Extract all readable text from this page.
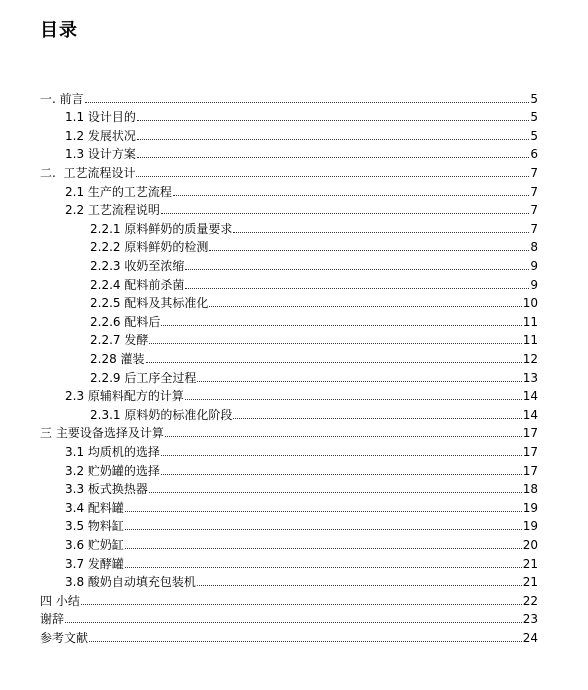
目录
一. 前言	5
1.1 设计目的	5
1.2 发展状况	5
1.3 设计方案	6
二.  工艺流程设计	7
2.1 生产的工艺流程	7
2.2 工艺流程说明	7
2.2.1 原料鲜奶的质量要求	7
2.2.2 原料鲜奶的检测	8
2.2.3 收奶至浓缩	9
2.2.4 配料前杀菌	9
2.2.5 配料及其标准化	10
2.2.6 配料后	11
2.2.7 发酵	11
2.28 灌装	12
2.2.9 后工序全过程	13
2.3 原辅料配方的计算	14
2.3.1 原料奶的标准化阶段	14
三 主要设备选择及计算	17
3.1 均质机的选择	17
3.2 贮奶罐的选择	17
3.3 板式换热器	18
3.4 配料罐	19
3.5 物料缸	19
3.6 贮奶缸	20
3.7 发酵罐	21
3.8 酸奶自动填充包装机	21
四 小结	22
谢辞	23
参考文献	24
